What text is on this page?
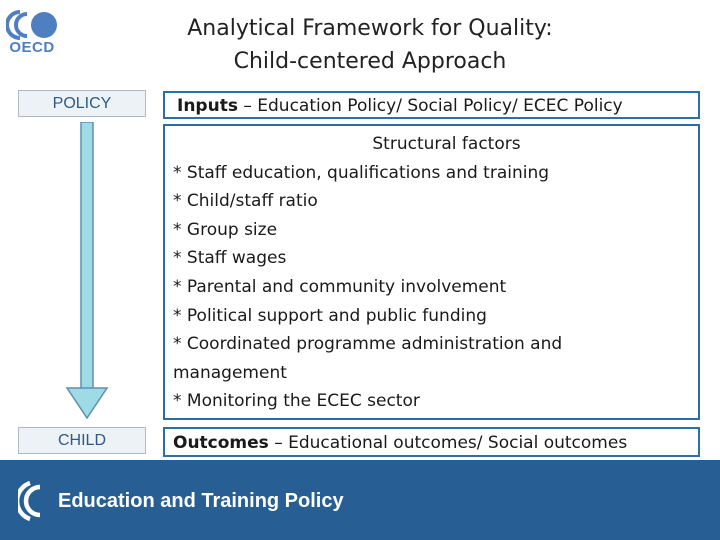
OECD
Analytical Framework for Quality:
Child-centered Approach
POLICY
CHILD
Inputs – Education Policy/ Social Policy/ ECEC Policy
Structural factors
* Staff education, qualifications and training
* Child/staff ratio
* Group size
* Staff wages
* Parental and community involvement
* Political support and public funding
* Coordinated programme administration and
management
* Monitoring the ECEC sector
Outcomes – Educational outcomes/ Social outcomes
Education and Training Policy
